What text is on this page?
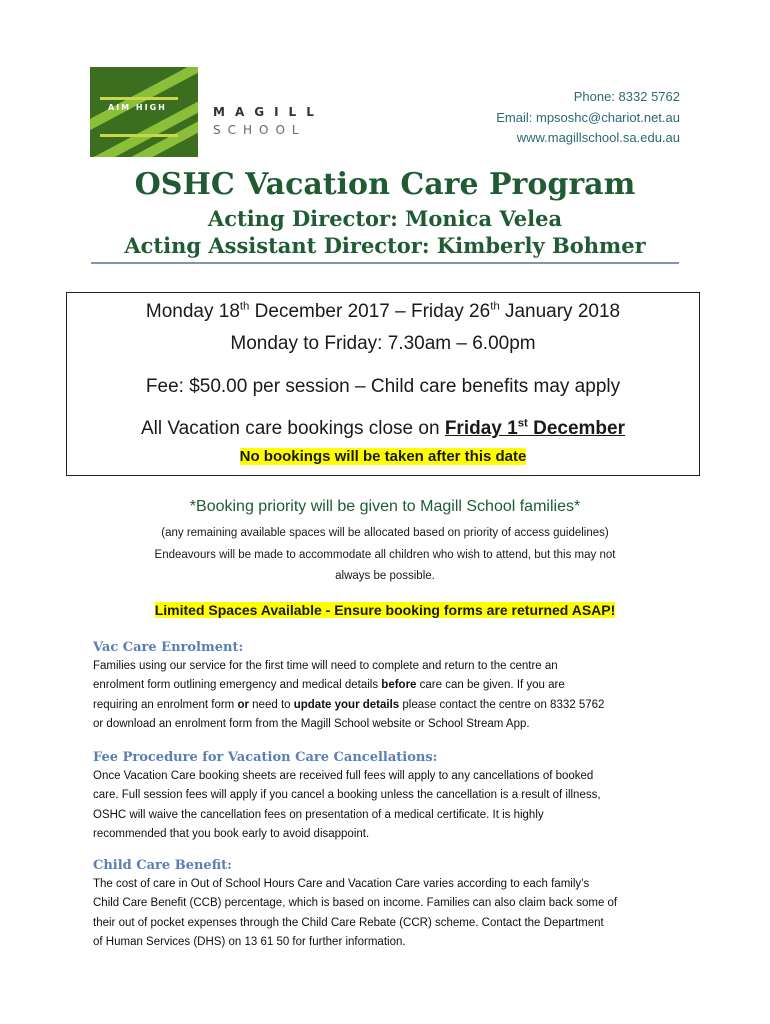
AIM HIGH	MAGILL
SCHOOL
Phone: 8332 5762
Email: mpsoshc@chariot.net.au
www.magillschool.sa.edu.au
OSHC Vacation Care Program
Acting Director: Monica Velea
Acting Assistant Director: Kimberly Bohmer
Monday 18th December 2017 – Friday 26th January 2018
Monday to Friday: 7.30am – 6.00pm
Fee: $50.00 per session – Child care benefits may apply
All Vacation care bookings close on Friday 1st December
No bookings will be taken after this date
*Booking priority will be given to Magill School families*
(any remaining available spaces will be allocated based on priority of access guidelines)
Endeavours will be made to accommodate all children who wish to attend, but this may not
always be possible.
Limited Spaces Available - Ensure booking forms are returned ASAP!
Vac Care Enrolment:
Families using our service for the first time will need to complete and return to the centre an
enrolment form outlining emergency and medical details before care can be given. If you are
requiring an enrolment form or need to update your details please contact the centre on 8332 5762
or download an enrolment form from the Magill School website or School Stream App.
Fee Procedure for Vacation Care Cancellations:
Once Vacation Care booking sheets are received full fees will apply to any cancellations of booked
care. Full session fees will apply if you cancel a booking unless the cancellation is a result of illness,
OSHC will waive the cancellation fees on presentation of a medical certificate. It is highly
recommended that you book early to avoid disappoint.
Child Care Benefit:
The cost of care in Out of School Hours Care and Vacation Care varies according to each family’s
Child Care Benefit (CCB) percentage, which is based on income. Families can also claim back some of
their out of pocket expenses through the Child Care Rebate (CCR) scheme. Contact the Department
of Human Services (DHS) on 13 61 50 for further information.
